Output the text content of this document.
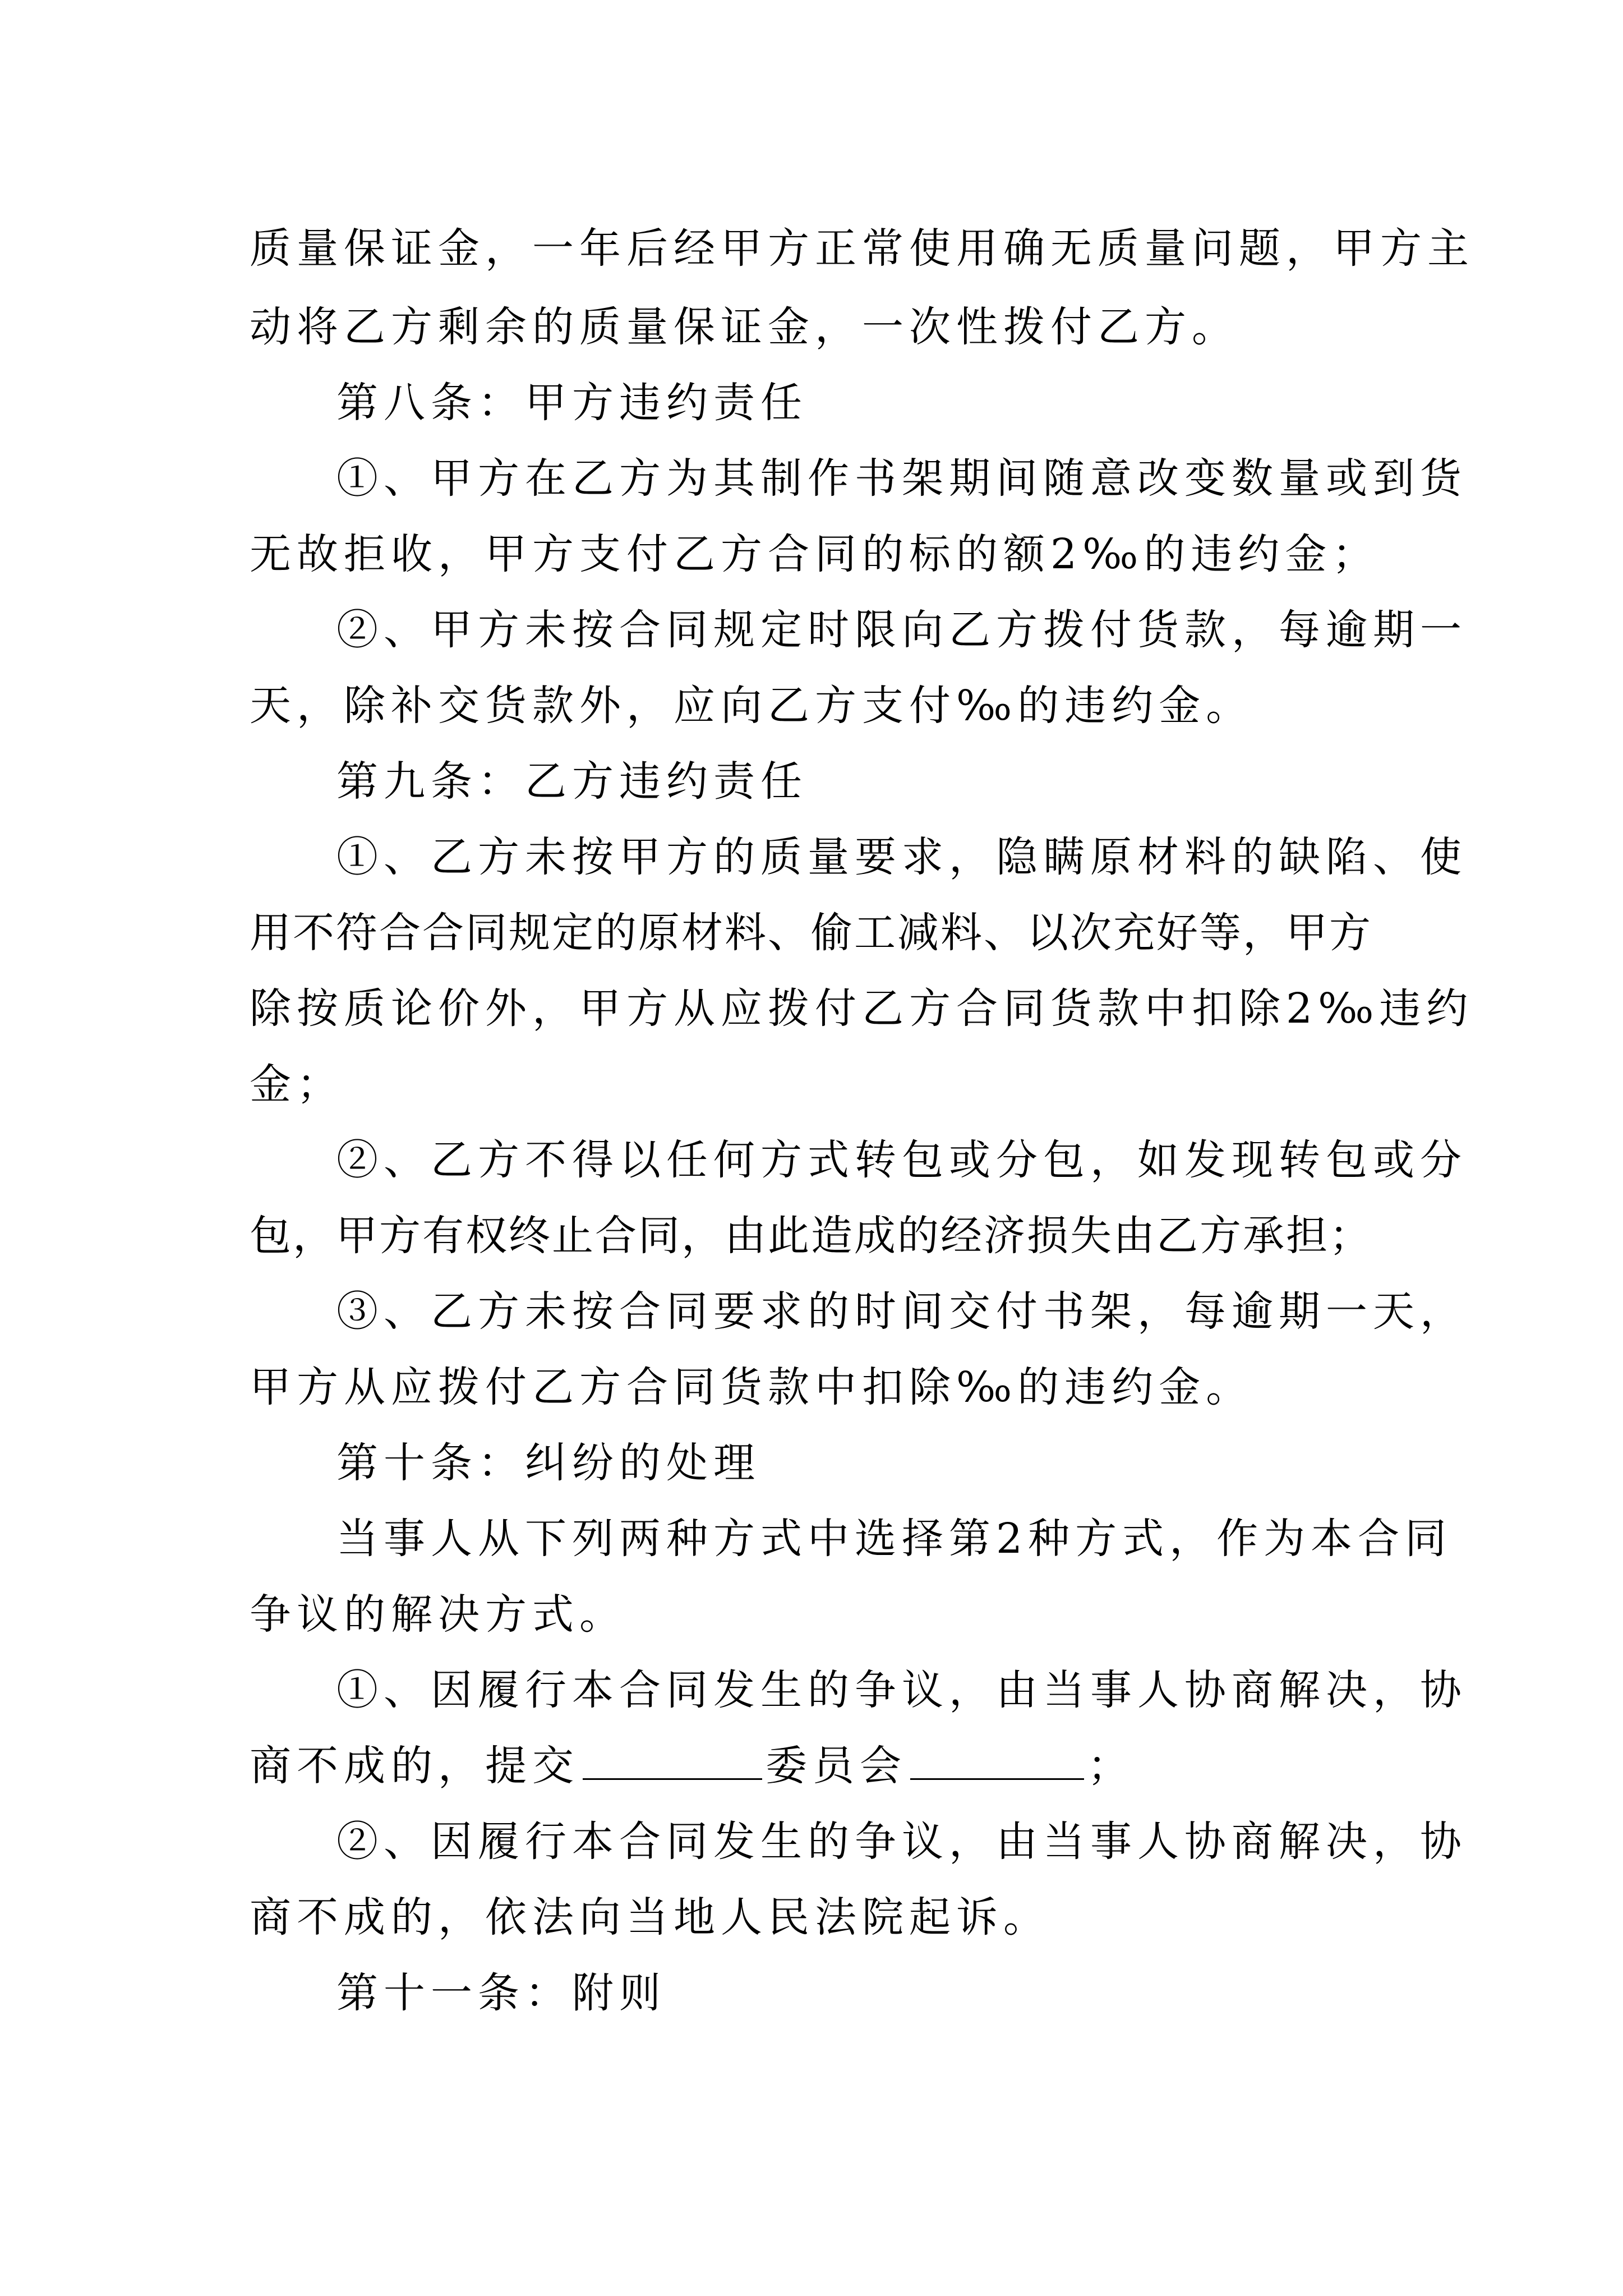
质量保证金，一年后经甲方正常使用确无质量问题，甲方主
动将乙方剩余的质量保证金，一次性拨付乙方。
第八条：甲方违约责任
①、甲方在乙方为其制作书架期间随意改变数量或到货
无故拒收，甲方支付乙方合同的标的额2‰的违约金；
②、甲方未按合同规定时限向乙方拨付货款，每逾期一
天，除补交货款外，应向乙方支付‰的违约金。
第九条：乙方违约责任
①、乙方未按甲方的质量要求，隐瞒原材料的缺陷、使
用不符合合同规定的原材料、偷工减料、以次充好等，甲方
除按质论价外，甲方从应拨付乙方合同货款中扣除2‰违约
金；
②、乙方不得以任何方式转包或分包，如发现转包或分
包，甲方有权终止合同，由此造成的经济损失由乙方承担；
③、乙方未按合同要求的时间交付书架，每逾期一天，
甲方从应拨付乙方合同货款中扣除‰的违约金。
第十条：纠纷的处理
当事人从下列两种方式中选择第2种方式，作为本合同
争议的解决方式。
①、因履行本合同发生的争议，由当事人协商解决，协
商不成的，提交	委员会	；
②、因履行本合同发生的争议，由当事人协商解决，协
商不成的，依法向当地人民法院起诉。
第十一条：附则
